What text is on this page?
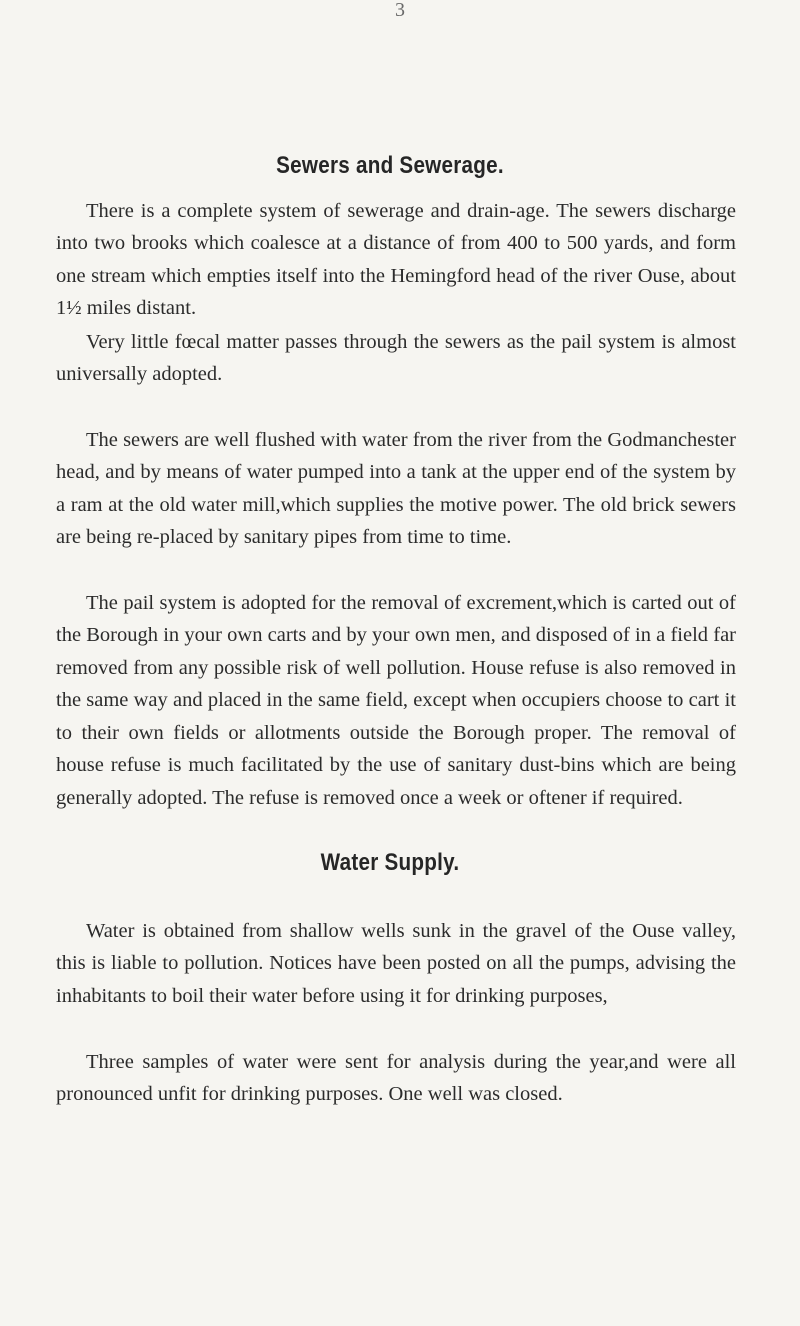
3
Sewers and Sewerage.

There is a complete system of sewerage and drain-age. The sewers discharge into two brooks which coalesce at a distance of from 400 to 500 yards, and form one stream which empties itself into the Hemingford head of the river Ouse, about 1½ miles distant.

Very little fœcal matter passes through the sewers as the pail system is almost universally adopted.

The sewers are well flushed with water from the river from the Godmanchester head, and by means of water pumped into a tank at the upper end of the system by a ram at the old water mill,which supplies the motive power. The old brick sewers are being re-placed by sanitary pipes from time to time.

The pail system is adopted for the removal of excrement,which is carted out of the Borough in your own carts and by your own men, and disposed of in a field far removed from any possible risk of well pollution. House refuse is also removed in the same way and placed in the same field, except when occupiers choose to cart it to their own fields or allotments outside the Borough proper. The removal of house refuse is much facilitated by the use of sanitary dust-bins which are being generally adopted. The refuse is removed once a week or oftener if required.

Water Supply.

Water is obtained from shallow wells sunk in the gravel of the Ouse valley, this is liable to pollution. Notices have been posted on all the pumps, advising the inhabitants to boil their water before using it for drinking purposes,

Three samples of water were sent for analysis during the year,and were all pronounced unfit for drinking purposes. One well was closed.
